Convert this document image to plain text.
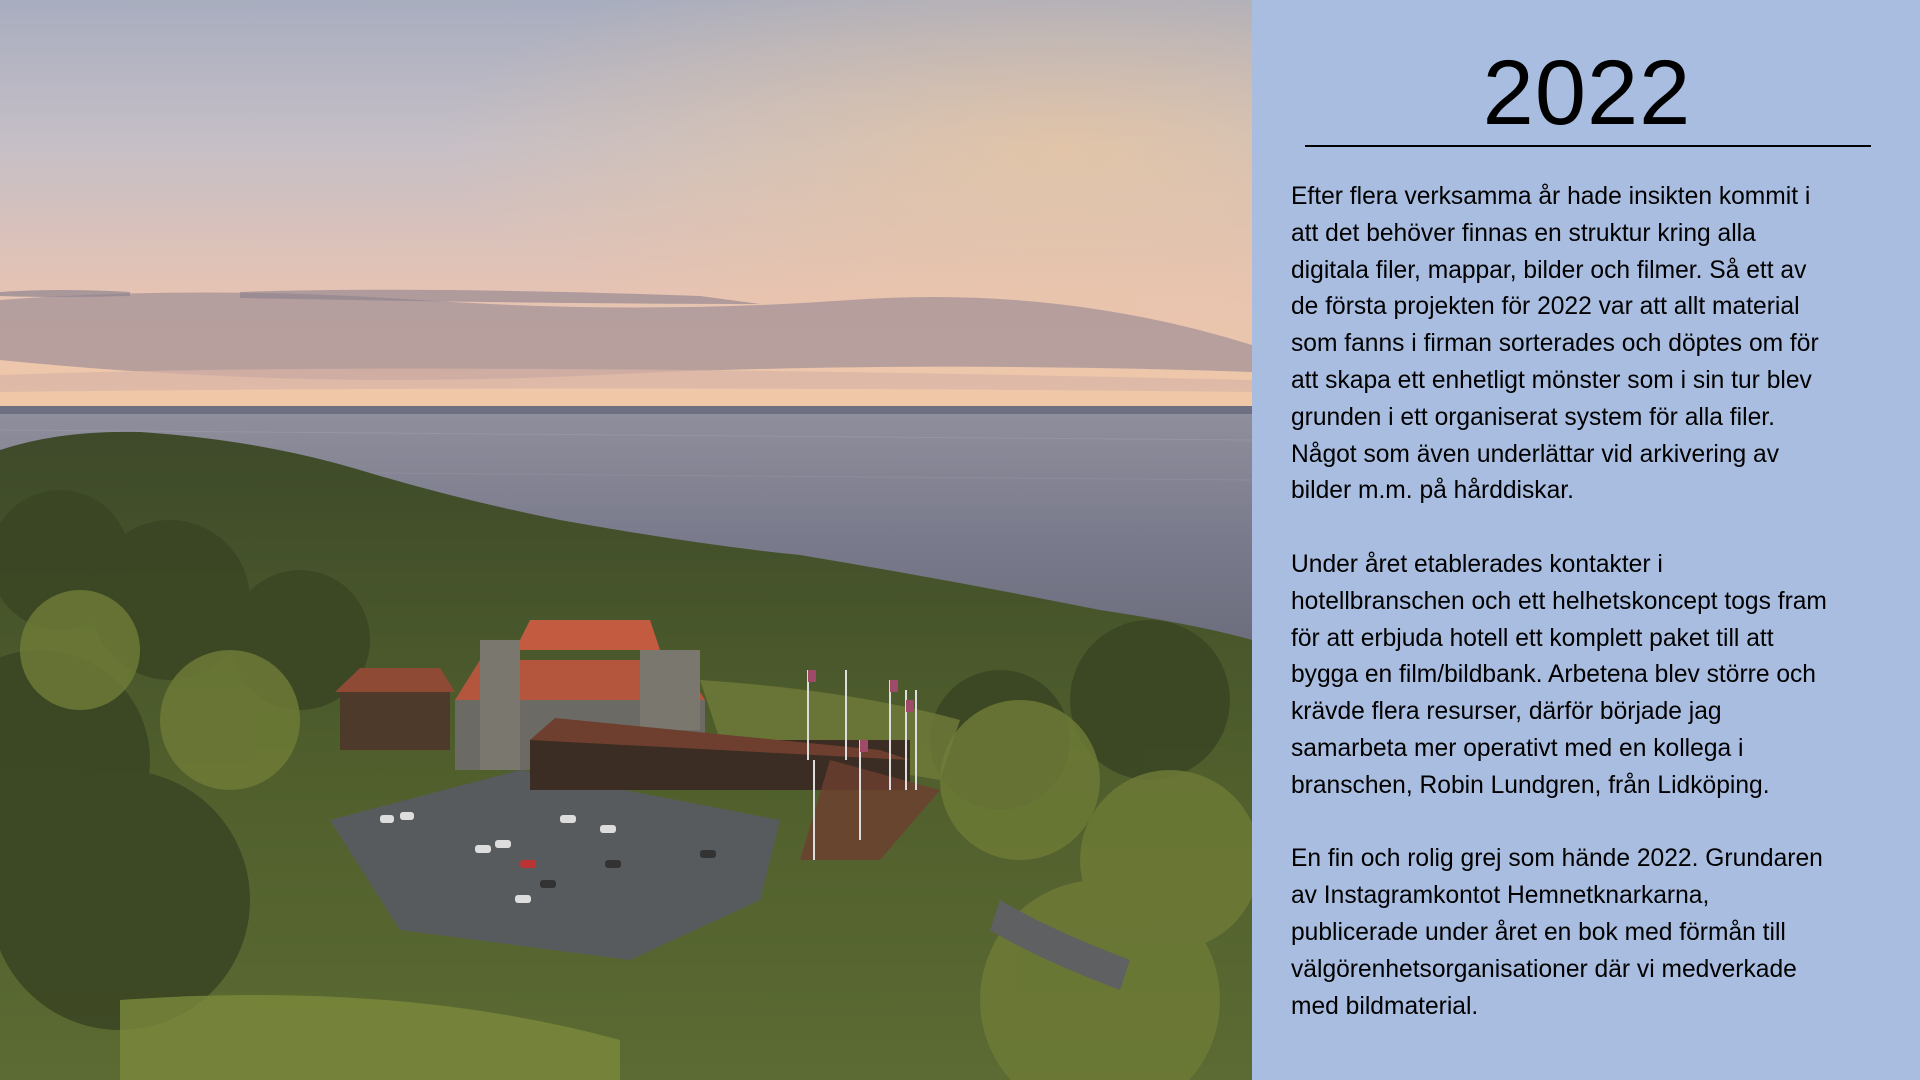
2022

Efter flera verksamma år hade insikten kommit i
att det behöver finnas en struktur kring alla
digitala filer, mappar, bilder och filmer. Så ett av
de första projekten för 2022 var att allt material
som fanns i firman sorterades och döptes om för
att skapa ett enhetligt mönster som i sin tur blev
grunden i ett organiserat system för alla filer.
Något som även underlättar vid arkivering av
bilder m.m. på hårddiskar.

Under året etablerades kontakter i
hotellbranschen och ett helhetskoncept togs fram
för att erbjuda hotell ett komplett paket till att
bygga en film/bildbank. Arbetena blev större och
krävde flera resurser, därför började jag
samarbeta mer operativt med en kollega i
branschen, Robin Lundgren, från Lidköping.

En fin och rolig grej som hände 2022. Grundaren
av Instagramkontot Hemnetknarkarna,
publicerade under året en bok med förmån till
välgörenhetsorganisationer där vi medverkade
med bildmaterial.
